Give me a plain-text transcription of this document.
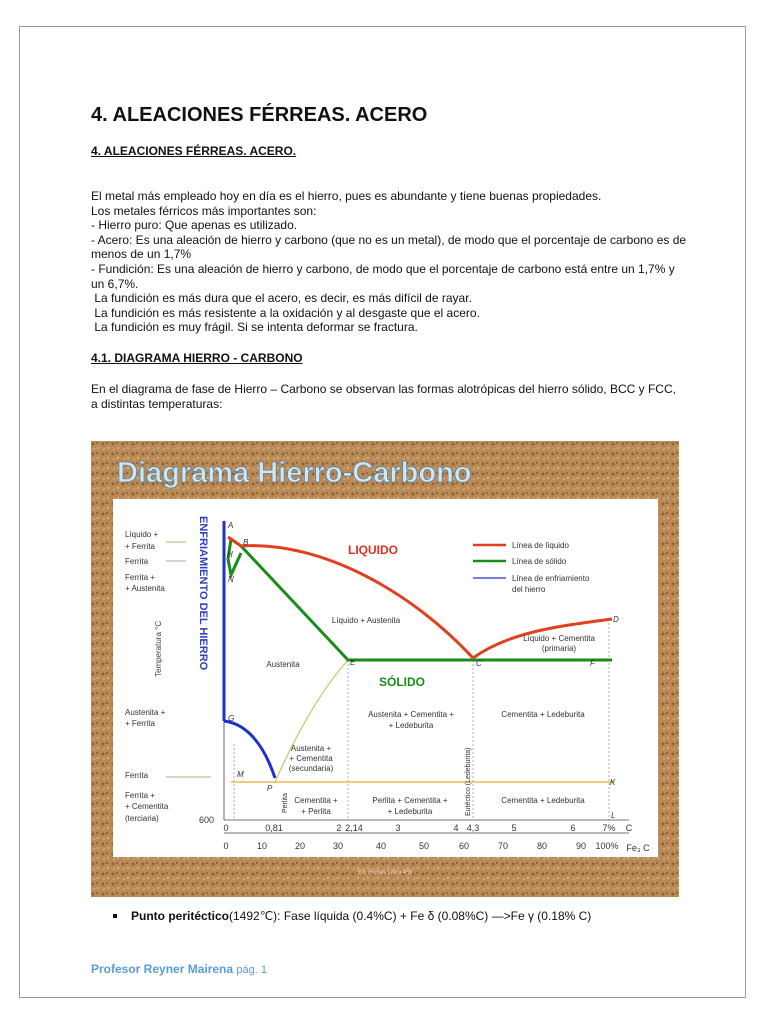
4. ALEACIONES FÉRREAS. ACERO
4. ALEACIONES FÉRREAS. ACERO.

El metal más empleado hoy en día es el hierro, pues es abundante y tiene buenas propiedades.

Los metales férricos más importantes son:

- Hierro puro: Que apenas es utilizado.

- Acero: Es una aleación de hierro y carbono (que no es un metal), de modo que el porcentaje de carbono es de menos de un 1,7%

- Fundición: Es una aleación de hierro y carbono, de modo que el porcentaje de carbono está entre un 1,7% y un 6,7%.

La fundición es más dura que el acero, es decir, es más difícil de rayar.

La fundición es más resistente a la oxidación y al desgaste que el acero.

La fundición es muy frágil. Si se intenta deformar se fractura.

4.1. DIAGRAMA HIERRO - CARBONO

En el diagrama de fase de Hierro – Carbono se observan las formas alotrópicas del hierro sólido, BCC y FCC, a distintas temperaturas:

Diagrama Hierro-Carbono
Líquido +
+ Ferrita
Ferrita
Ferrita +
+ Austenita
Austenita +
+ Ferrita
Ferrita
Ferrita +
+ Cementita
(terciaria)
Temperatura °C	ENFRIAMIENTO DEL HIERRO A
B
H
N
G
M
P
E	C
D
F
K
L
LIQUIDO
SÓLIDO
Líquido + Austenita
Austenita
Austenita + Cementita +
+ Ledeburita
Cementita + Ledeburita
Líquido + Cementita
(primaria)
Austenita +
+ Cementita
(secundaria)
Cementita +
+ Perlita
Perlita + Cementita +
+ Ledeburita
Cementita + Ledeburita
Perlita	Eutéctico (Ledeburita)
Línea de líquido
Línea de sólido
Línea de enfriamiento
del hierro
600
0	0,81	2 2,14	3	4 4,3	5	6	7% C
0	10	20	30	40	50	60	70	80	90 100% Fe₃ C
Ed. Fichas Libro 4ºB
Punto peritéctico(1492℃): Fase líquida (0.4%C) + Fe δ (0.08%C) —>Fe γ (0.18% C)
Profesor Reyner Mairena pág. 1
